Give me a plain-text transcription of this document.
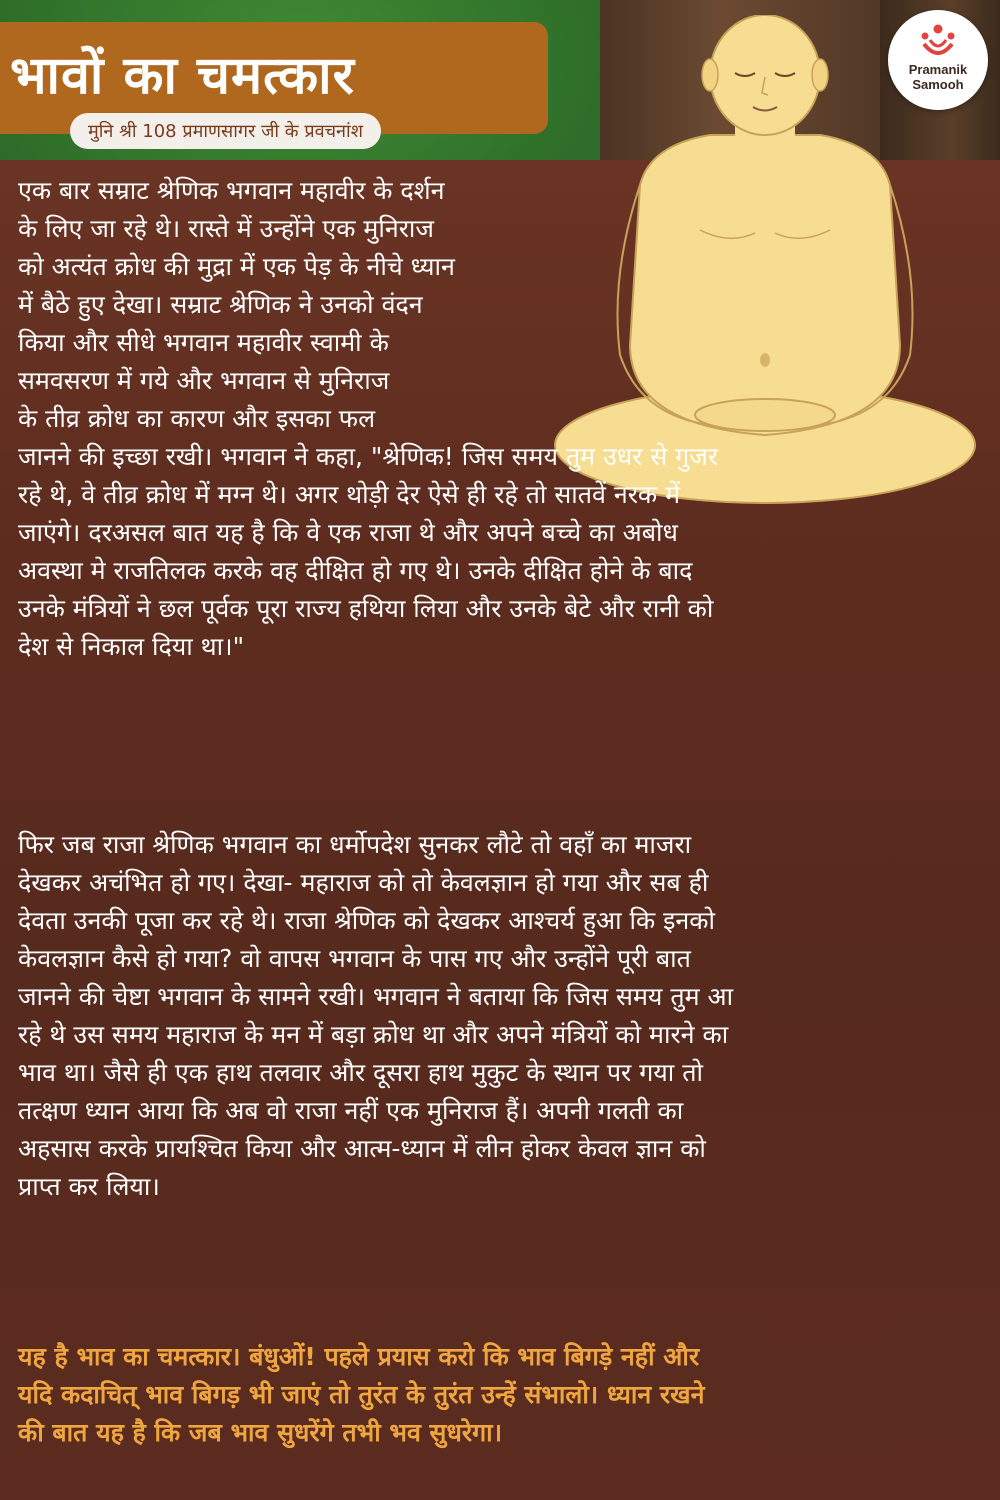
भावों का चमत्कार
मुनि श्री 108 प्रमाणसागर जी के प्रवचनांश
Pramanik
Samooh

एक बार सम्राट श्रेणिक भगवान महावीर के दर्शन
के लिए जा रहे थे। रास्ते में उन्होंने एक मुनिराज
को अत्यंत क्रोध की मुद्रा में एक पेड़ के नीचे ध्यान
में बैठे हुए देखा। सम्राट श्रेणिक ने उनको वंदन
किया और सीधे भगवान महावीर स्वामी के
समवसरण में गये और भगवान से मुनिराज
के तीव्र क्रोध का कारण और इसका फल
जानने की इच्छा रखी। भगवान ने कहा, "श्रेणिक! जिस समय तुम उधर से गुजर
रहे थे, वे तीव्र क्रोध में मग्न थे। अगर थोड़ी देर ऐसे ही रहे तो सातवें नरक में
जाएंगे। दरअसल बात यह है कि वे एक राजा थे और अपने बच्चे का अबोध
अवस्था मे राजतिलक करके वह दीक्षित हो गए थे। उनके दीक्षित होने के बाद
उनके मंत्रियों ने छल पूर्वक पूरा राज्य हथिया लिया और उनके बेटे और रानी को
देश से निकाल दिया था।"

फिर जब राजा श्रेणिक भगवान का धर्मोपदेश सुनकर लौटे तो वहाँ का माजरा
देखकर अचंभित हो गए। देखा- महाराज को तो केवलज्ञान हो गया और सब ही
देवता उनकी पूजा कर रहे थे। राजा श्रेणिक को देखकर आश्चर्य हुआ कि इनको
केवलज्ञान कैसे हो गया? वो वापस भगवान के पास गए और उन्होंने पूरी बात
जानने की चेष्टा भगवान के सामने रखी। भगवान ने बताया कि जिस समय तुम आ
रहे थे उस समय महाराज के मन में बड़ा क्रोध था और अपने मंत्रियों को मारने का
भाव था। जैसे ही एक हाथ तलवार और दूसरा हाथ मुकुट के स्थान पर गया तो
तत्क्षण ध्यान आया कि अब वो राजा नहीं एक मुनिराज हैं। अपनी गलती का
अहसास करके प्रायश्चित किया और आत्म-ध्यान में लीन होकर केवल ज्ञान को
प्राप्त कर लिया।

यह है भाव का चमत्कार। बंधुओं! पहले प्रयास करो कि भाव बिगड़े नहीं और
यदि कदाचित् भाव बिगड़ भी जाएं तो तुरंत के तुरंत उन्हें संभालो। ध्यान रखने
की बात यह है कि जब भाव सुधरेंगे तभी भव सुधरेगा।
